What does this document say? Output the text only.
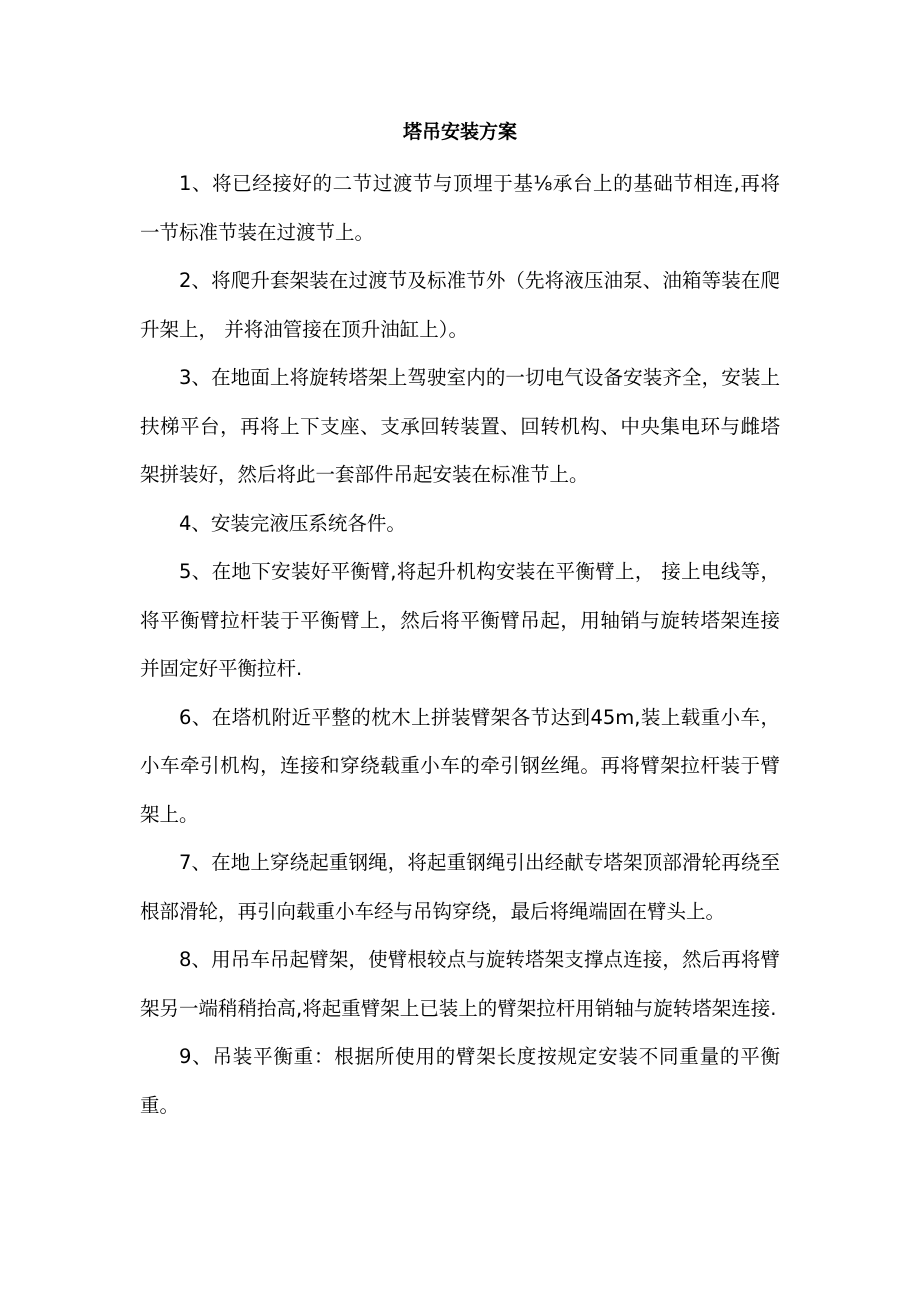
塔吊安装方案

1、将已经接好的二节过渡节与顶埋于基⅛承台上的基础节相连,再将一节标准节装在过渡节上。

2、将爬升套架装在过渡节及标准节外（先将液压油泵、油箱等装在爬升架上， 并将油管接在顶升油缸上）。

3、在地面上将旋转塔架上驾驶室内的一切电气设备安装齐全，安装上扶梯平台，再将上下支座、支承回转装置、回转机构、中央集电环与雌塔架拼装好，然后将此一套部件吊起安装在标准节上。

4、安装完液压系统各件。

5、在地下安装好平衡臂,将起升机构安装在平衡臂上， 接上电线等，将平衡臂拉杆装于平衡臂上，然后将平衡臂吊起，用轴销与旋转塔架连接并固定好平衡拉杆.

6、在塔机附近平整的枕木上拼装臂架各节达到45m,装上载重小车，小车牵引机构，连接和穿绕载重小车的牵引钢丝绳。再将臂架拉杆装于臂架上。

7、在地上穿绕起重钢绳，将起重钢绳引出经献专塔架顶部滑轮再绕至根部滑轮，再引向载重小车经与吊钩穿绕，最后将绳端固在臂头上。

8、用吊车吊起臂架，使臂根较点与旋转塔架支撑点连接，然后再将臂架另一端稍稍抬高,将起重臂架上已装上的臂架拉杆用销轴与旋转塔架连接.

9、吊装平衡重：根据所使用的臂架长度按规定安装不同重量的平衡重。
